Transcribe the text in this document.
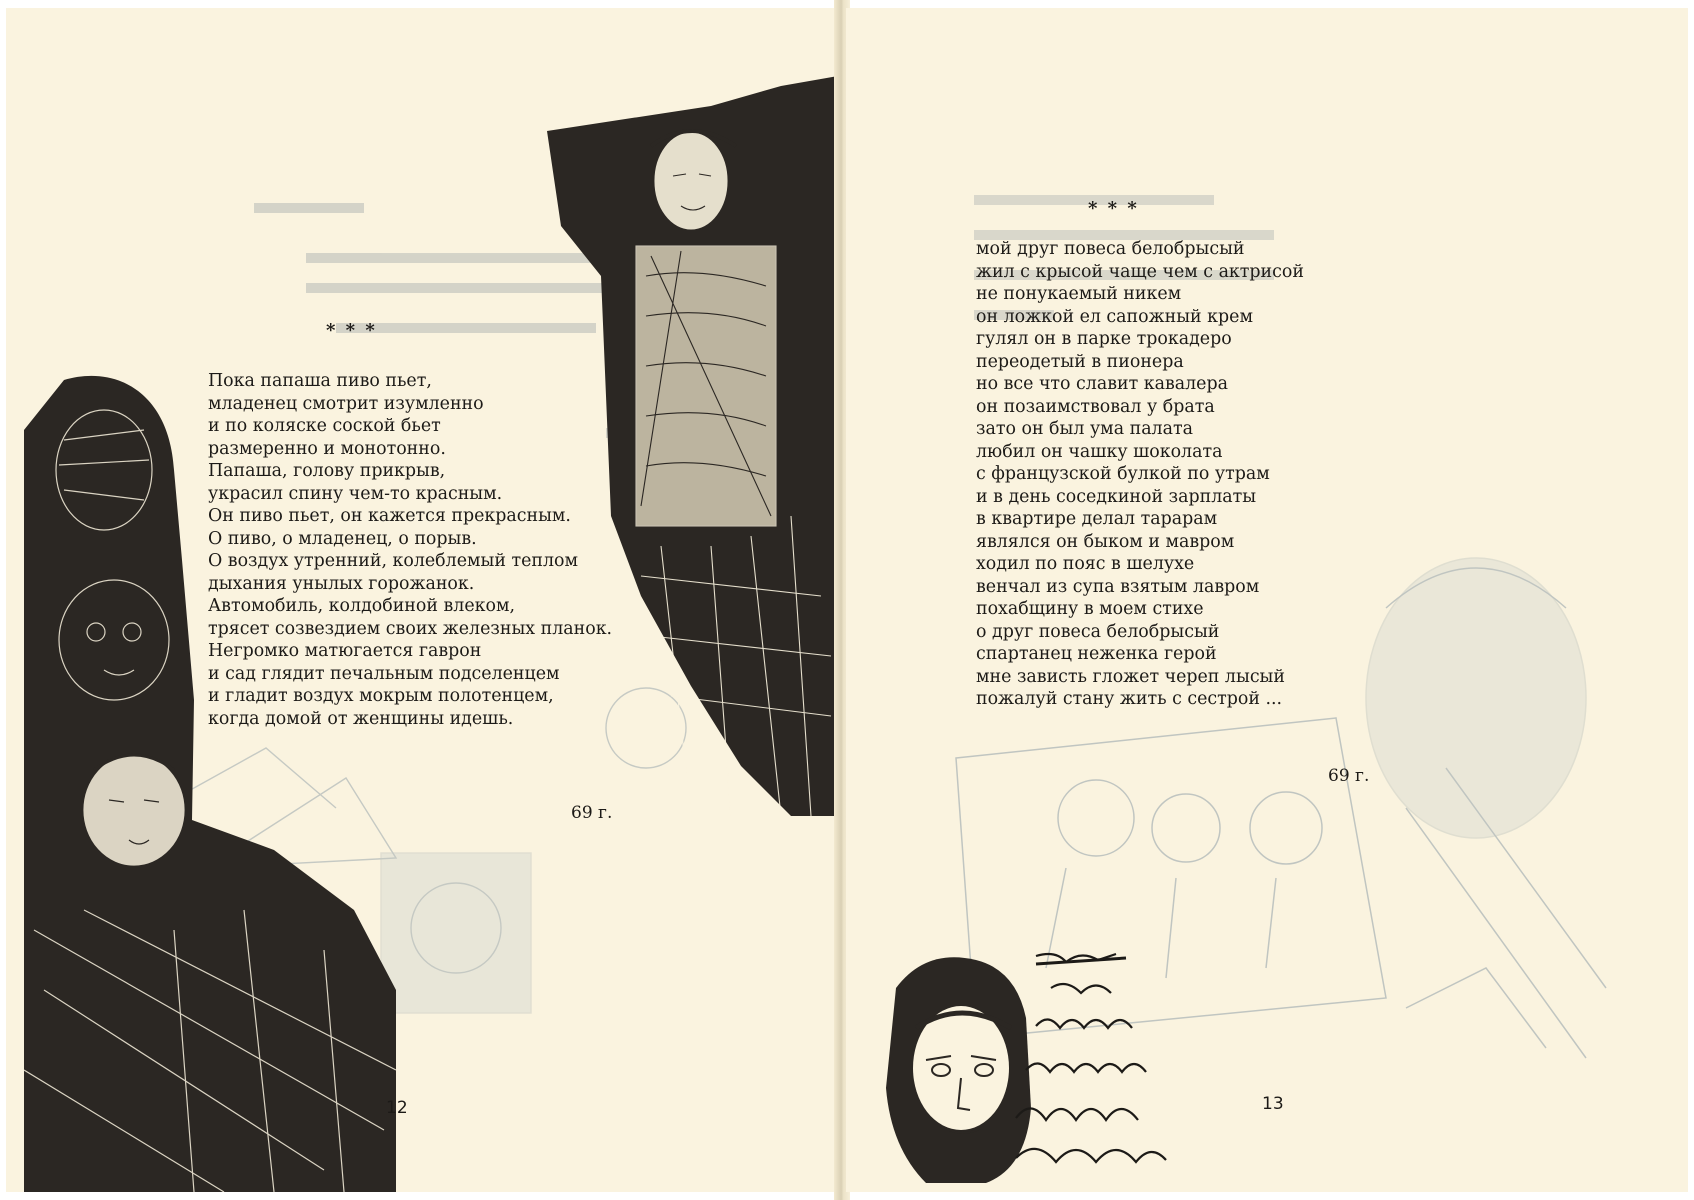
* * *
Пока папаша пиво пьет,
младенец смотрит изумленно
и по коляске соской бьет
размеренно и монотонно.
Папаша, голову прикрыв,
украсил спину чем-то красным.
Он пиво пьет, он кажется прекрасным.
О пиво, о младенец, о порыв.
О воздух утренний, колеблемый теплом
дыхания унылых горожанок.
Автомобиль, колдобиной влеком,
трясет созвездием своих железных планок.
Негромко матюгается гаврон
и сад глядит печальным подселенцем
и гладит воздух мокрым полотенцем,
когда домой от женщины идешь.
69 г.
12
* * *
мой друг повеса белобрысый
жил с крысой чаще чем с актрисой
не понукаемый никем
он ложкой ел сапожный крем
гулял он в парке трокадеро
переодетый в пионера
но все что славит кавалера
он позаимствовал у брата
зато он был ума палата
любил он чашку шоколата
с французской булкой по утрам
и в день соседкиной зарплаты
в квартире делал тарарам
являлся он быком и мавром
ходил по пояс в шелухе
венчал из супа взятым лавром
похабщину в моем стихе
о друг повеса белобрысый
спартанец неженка герой
мне зависть гложет череп лысый
пожалуй стану жить с сестрой ...
69 г.
13
